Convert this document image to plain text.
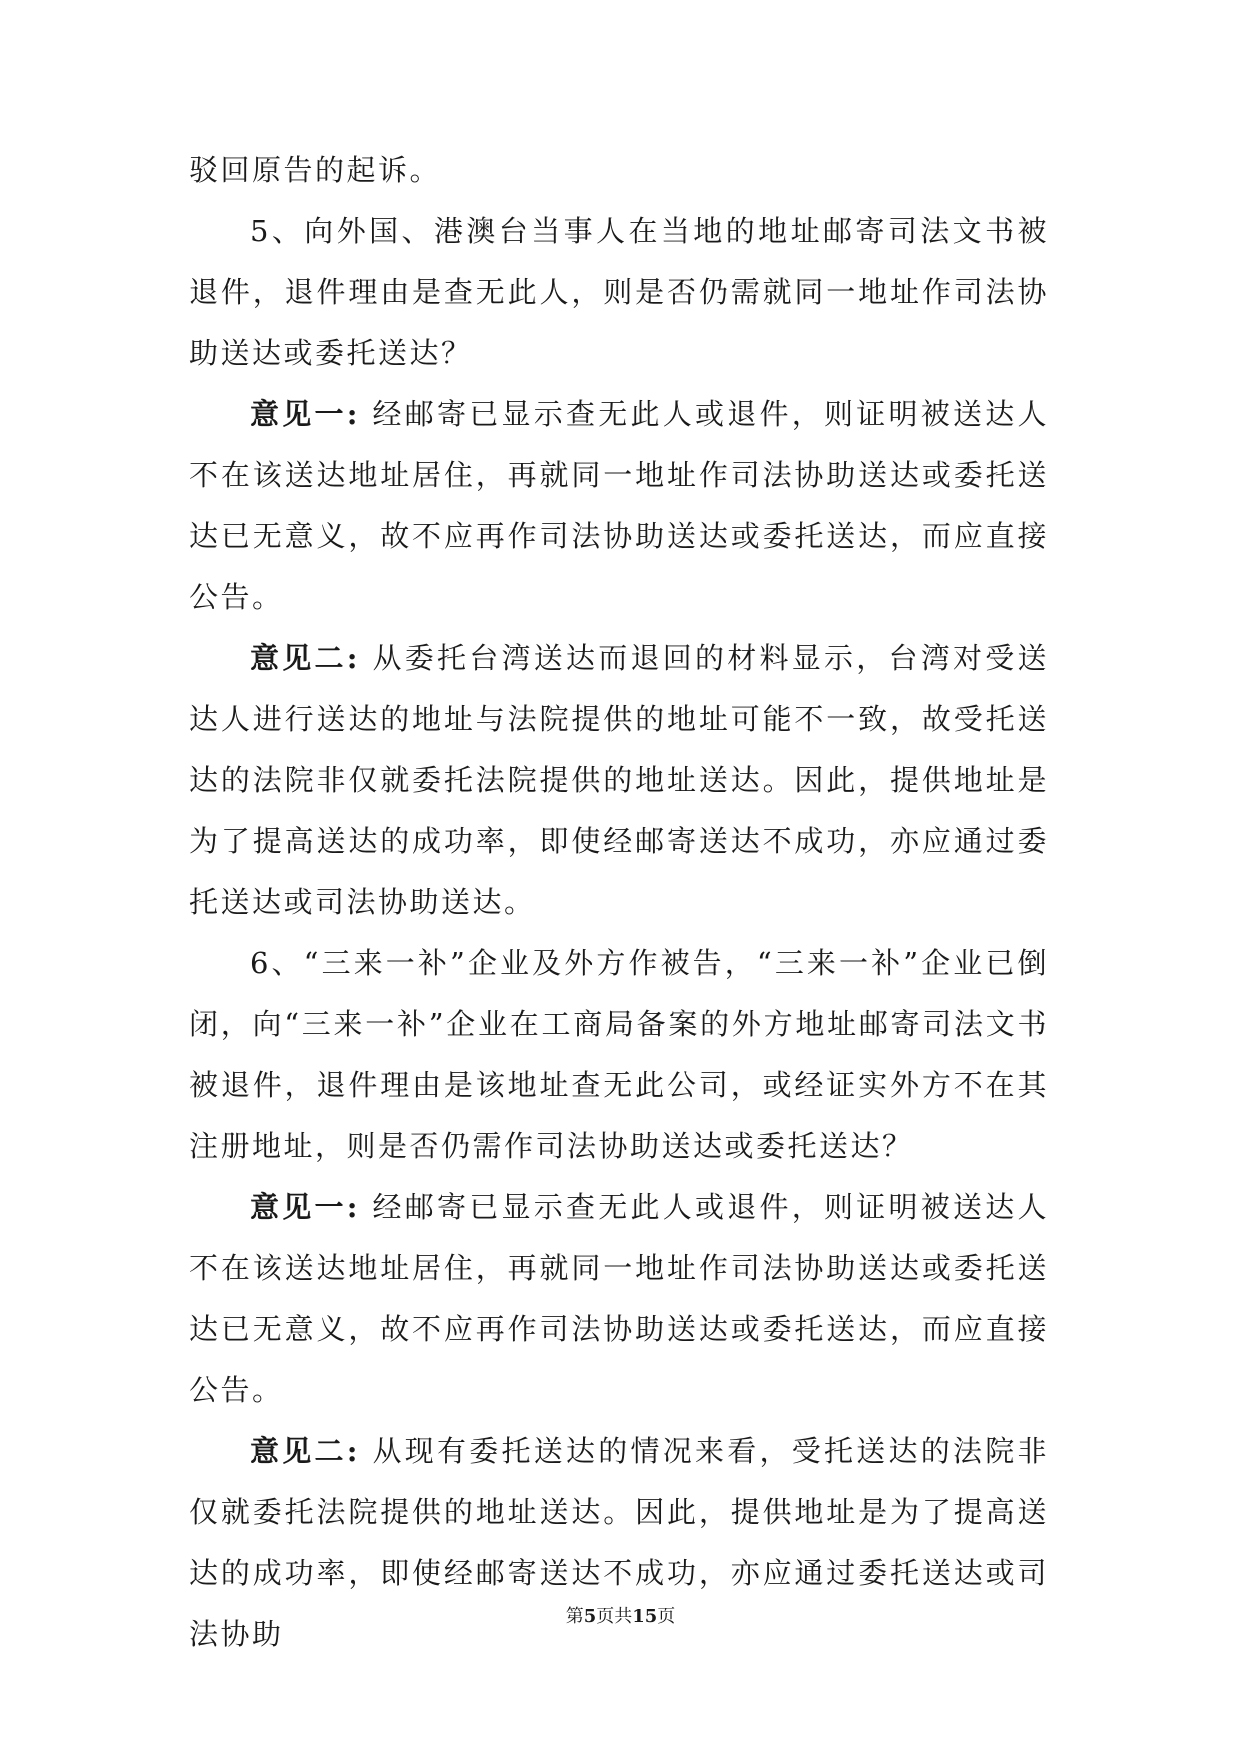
驳回原告的起诉。

5、向外国、港澳台当事人在当地的地址邮寄司法文书被退件，退件理由是查无此人，则是否仍需就同一地址作司法协助送达或委托送达？

意见一: 经邮寄已显示查无此人或退件，则证明被送达人不在该送达地址居住，再就同一地址作司法协助送达或委托送达已无意义，故不应再作司法协助送达或委托送达，而应直接公告。

意见二: 从委托台湾送达而退回的材料显示，台湾对受送达人进行送达的地址与法院提供的地址可能不一致，故受托送达的法院非仅就委托法院提供的地址送达。因此，提供地址是为了提高送达的成功率，即使经邮寄送达不成功，亦应通过委托送达或司法协助送达。

6、“三来一补”企业及外方作被告，“三来一补”企业已倒闭，向“三来一补”企业在工商局备案的外方地址邮寄司法文书被退件，退件理由是该地址查无此公司，或经证实外方不在其注册地址，则是否仍需作司法协助送达或委托送达？

意见一: 经邮寄已显示查无此人或退件，则证明被送达人不在该送达地址居住，再就同一地址作司法协助送达或委托送达已无意义，故不应再作司法协助送达或委托送达，而应直接公告。

意见二: 从现有委托送达的情况来看，受托送达的法院非仅就委托法院提供的地址送达。因此，提供地址是为了提高送达的成功率，即使经邮寄送达不成功，亦应通过委托送达或司法协助

第5页共15页
